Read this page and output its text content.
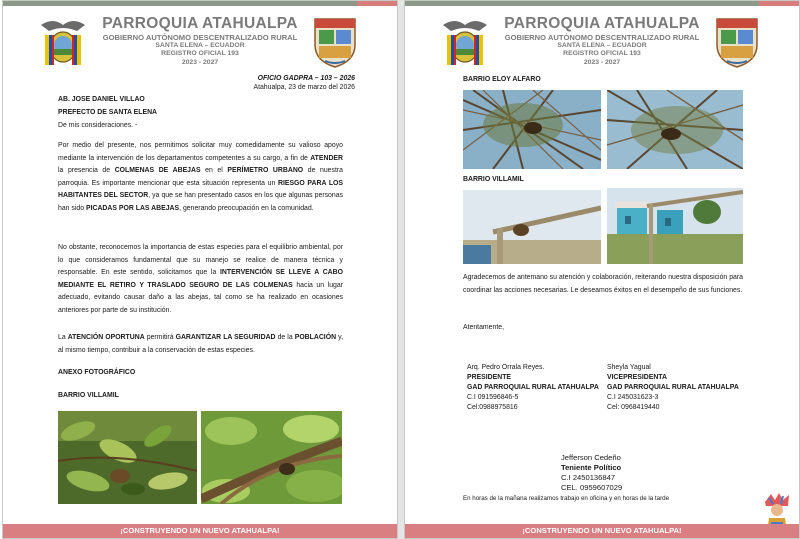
PARROQUIA ATAHUALPA
GOBIERNO AUTÓNOMO DESCENTRALIZADO RURAL
SANTA ELENA – ECUADOR
REGISTRO OFICIAL 193
2023 - 2027
OFICIO GADPRA – 103 – 2026
Atahualpa, 23 de marzo del 2026
AB. JOSE DANIEL VILLAO
PREFECTO DE SANTA ELENA
De mis consideraciones. -
Por medio del presente, nos permitimos solicitar muy comedidamente su valioso apoyo mediante la intervención de los departamentos competentes a su cargo, a fin de ATENDER la presencia de COLMENAS DE ABEJAS en el PERÍMETRO URBANO de nuestra parroquia. Es importante mencionar que esta situación representa un RIESGO PARA LOS HABITANTES DEL SECTOR, ya que se han presentado casos en los que algunas personas han sido PICADAS POR LAS ABEJAS, generando preocupación en la comunidad.
No obstante, reconocemos la importancia de estas especies para el equilibrio ambiental, por lo que consideramos fundamental que su manejo se realice de manera técnica y responsable. En este sentido, solicitamos que la INTERVENCIÓN SE LLEVE A CABO MEDIANTE EL RETIRO Y TRASLADO SEGURO DE LAS COLMENAS hacia un lugar adecuado, evitando causar daño a las abejas, tal como se ha realizado en ocasiones anteriores por parte de su institución.
La ATENCIÓN OPORTUNA permitirá GARANTIZAR LA SEGURIDAD de la POBLACIÓN y, al mismo tiempo, contribuir a la conservación de estas especies.
ANEXO FOTOGRÁFICO
BARRIO VILLAMIL
¡CONSTRUYENDO UN NUEVO ATAHUALPA!
PARROQUIA ATAHUALPA
GOBIERNO AUTÓNOMO DESCENTRALIZADO RURAL
SANTA ELENA – ECUADOR
REGISTRO OFICIAL 193
2023 - 2027
BARRIO ELOY ALFARO
BARRIO VILLAMIL
Agradecemos de antemano su atención y colaboración, reiterando nuestra disposición para coordinar las acciones necesarias. Le deseamos éxitos en el desempeño de sus funciones.
Atentamente,
Arq. Pedro Orrala Reyes.
PRESIDENTE
GAD PARROQUIAL RURAL ATAHUALPA
C.I 091596846-5
Cel:0988975816
Sheyla Yagual
VICEPRESIDENTA
GAD PARROQUIAL RURAL ATAHUALPA
C.I 245031623-3
Cel: 0968419440
Jefferson Cedeño
Teniente Político
C.I 2450136847
CEL. 0959607029
En horas de la mañana realizamos trabajo en oficina y en horas de la tarde
¡CONSTRUYENDO UN NUEVO ATAHUALPA!
